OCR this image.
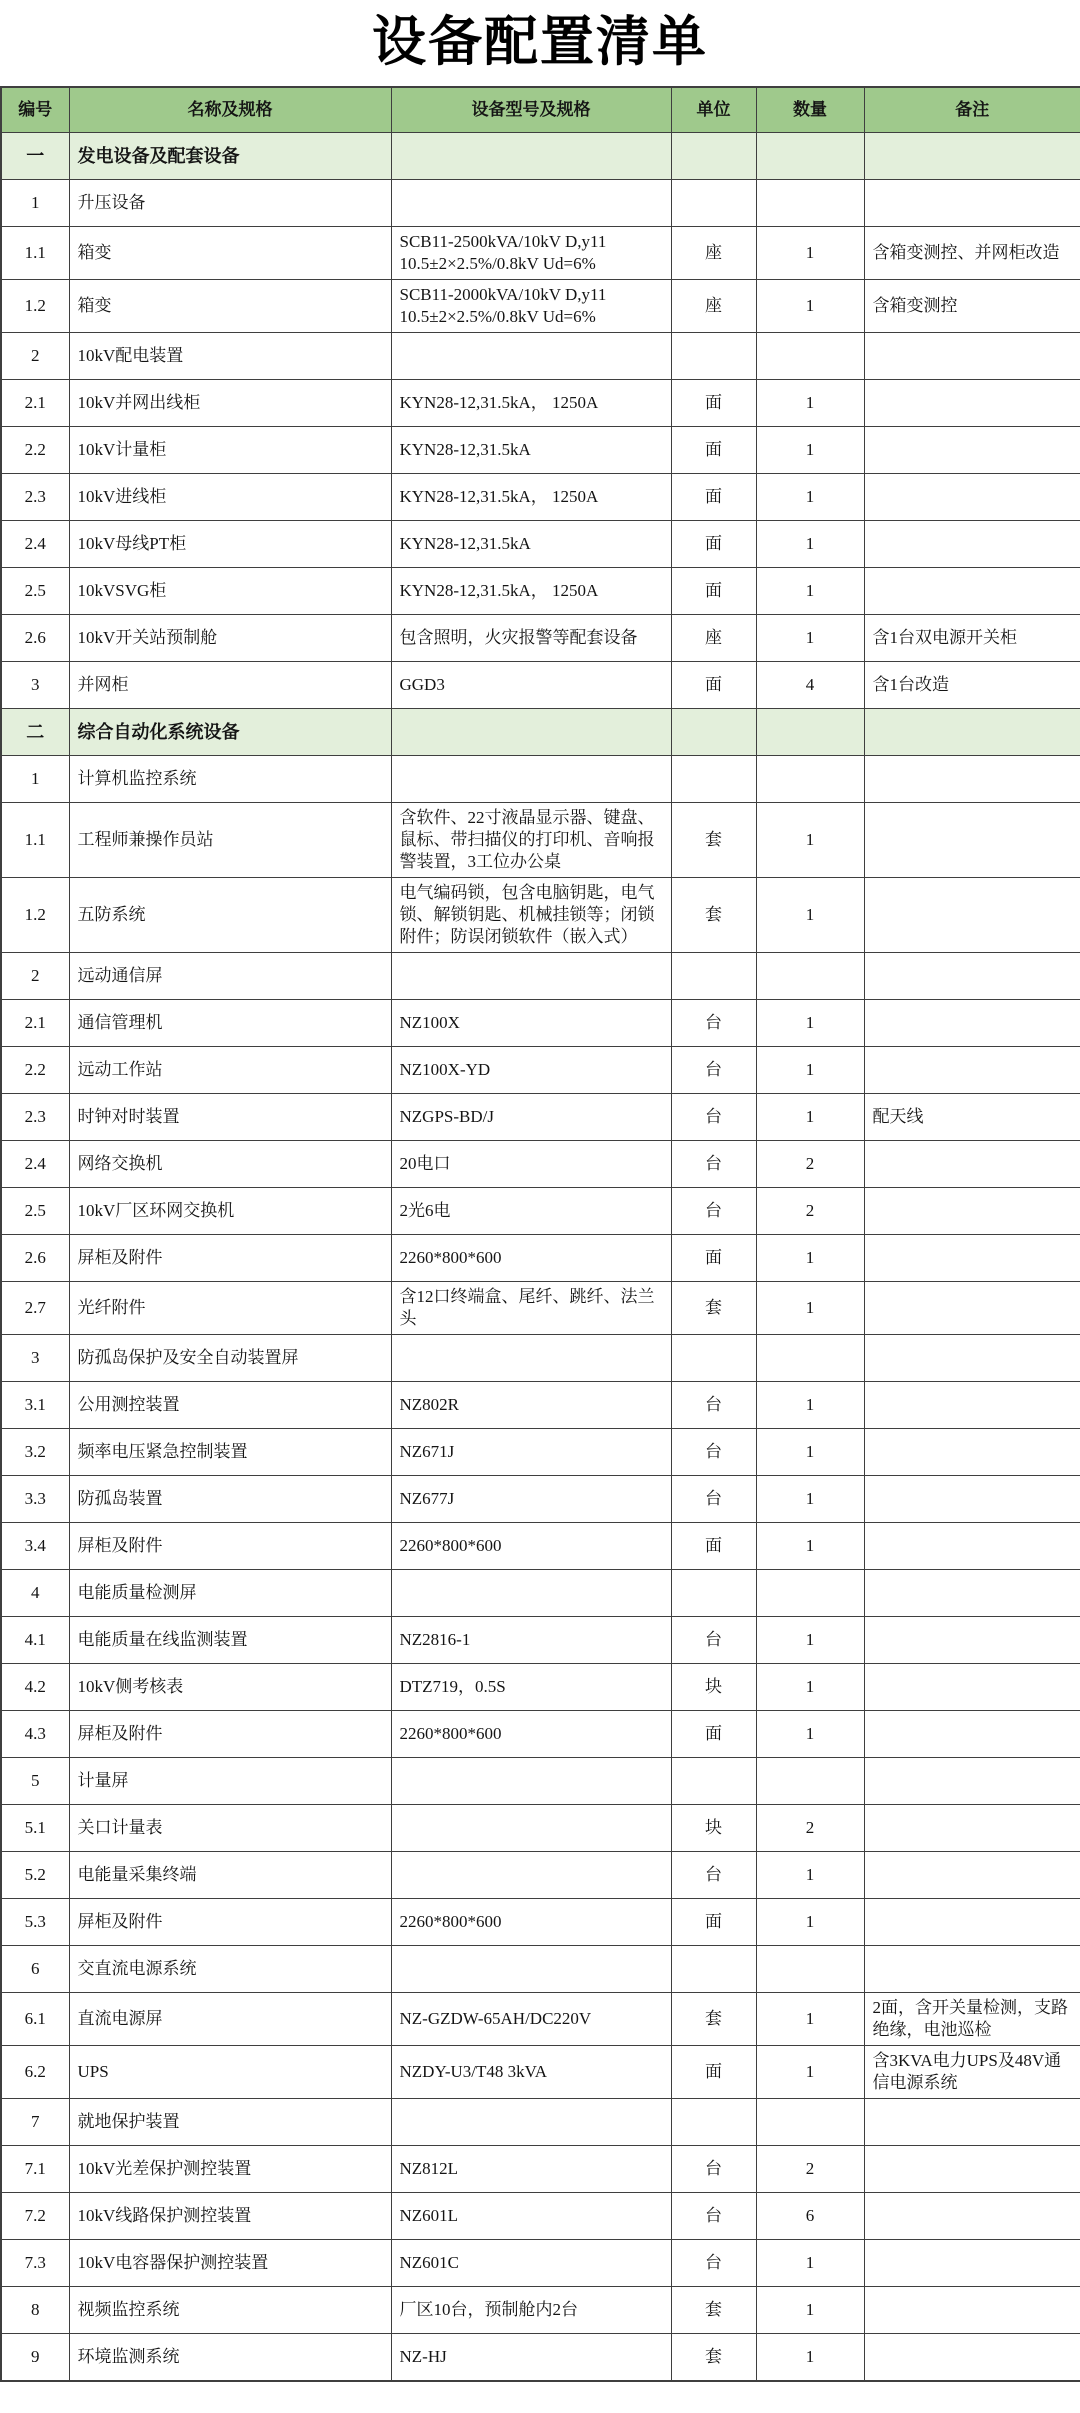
设备配置清单
编号	名称及规格	设备型号及规格	单位	数量	备注
一	发电设备及配套设备				
1	升压设备				
1.1	箱变	SCB11-2500kVA/10kV D,y11 10.5±2×2.5%/0.8kV Ud=6%	座	1	含箱变测控、并网柜改造
1.2	箱变	SCB11-2000kVA/10kV D,y11 10.5±2×2.5%/0.8kV Ud=6%	座	1	含箱变测控
2	10kV配电装置				
2.1	10kV并网出线柜	KYN28-12,31.5kA， 1250A	面	1	
2.2	10kV计量柜	KYN28-12,31.5kA	面	1	
2.3	10kV进线柜	KYN28-12,31.5kA， 1250A	面	1	
2.4	10kV母线PT柜	KYN28-12,31.5kA	面	1	
2.5	10kVSVG柜	KYN28-12,31.5kA， 1250A	面	1	
2.6	10kV开关站预制舱	包含照明，火灾报警等配套设备	座	1	含1台双电源开关柜
3	并网柜	GGD3	面	4	含1台改造
二	综合自动化系统设备				
1	计算机监控系统				
1.1	工程师兼操作员站	含软件、22寸液晶显示器、键盘、鼠标、带扫描仪的打印机、音响报警装置，3工位办公桌	套	1	
1.2	五防系统	电气编码锁，包含电脑钥匙，电气锁、解锁钥匙、机械挂锁等；闭锁附件；防误闭锁软件（嵌入式）	套	1	
2	远动通信屏				
2.1	通信管理机	NZ100X	台	1	
2.2	远动工作站	NZ100X-YD	台	1	
2.3	时钟对时装置	NZGPS-BD/J	台	1	配天线
2.4	网络交换机	20电口	台	2	
2.5	10kV厂区环网交换机	2光6电	台	2	
2.6	屏柜及附件	2260*800*600	面	1	
2.7	光纤附件	含12口终端盒、尾纤、跳纤、法兰头	套	1	
3	防孤岛保护及安全自动装置屏				
3.1	公用测控装置	NZ802R	台	1	
3.2	频率电压紧急控制装置	NZ671J	台	1	
3.3	防孤岛装置	NZ677J	台	1	
3.4	屏柜及附件	2260*800*600	面	1	
4	电能质量检测屏				
4.1	电能质量在线监测装置	NZ2816-1	台	1	
4.2	10kV侧考核表	DTZ719，0.5S	块	1	
4.3	屏柜及附件	2260*800*600	面	1	
5	计量屏				
5.1	关口计量表		块	2	
5.2	电能量采集终端		台	1	
5.3	屏柜及附件	2260*800*600	面	1	
6	交直流电源系统				
6.1	直流电源屏	NZ-GZDW-65AH/DC220V	套	1	2面，含开关量检测，支路绝缘，电池巡检
6.2	UPS	NZDY-U3/T48 3kVA	面	1	含3KVA电力UPS及48V通信电源系统
7	就地保护装置				
7.1	10kV光差保护测控装置	NZ812L	台	2	
7.2	10kV线路保护测控装置	NZ601L	台	6	
7.3	10kV电容器保护测控装置	NZ601C	台	1	
8	视频监控系统	厂区10台，预制舱内2台	套	1	
9	环境监测系统	NZ-HJ	套	1	
